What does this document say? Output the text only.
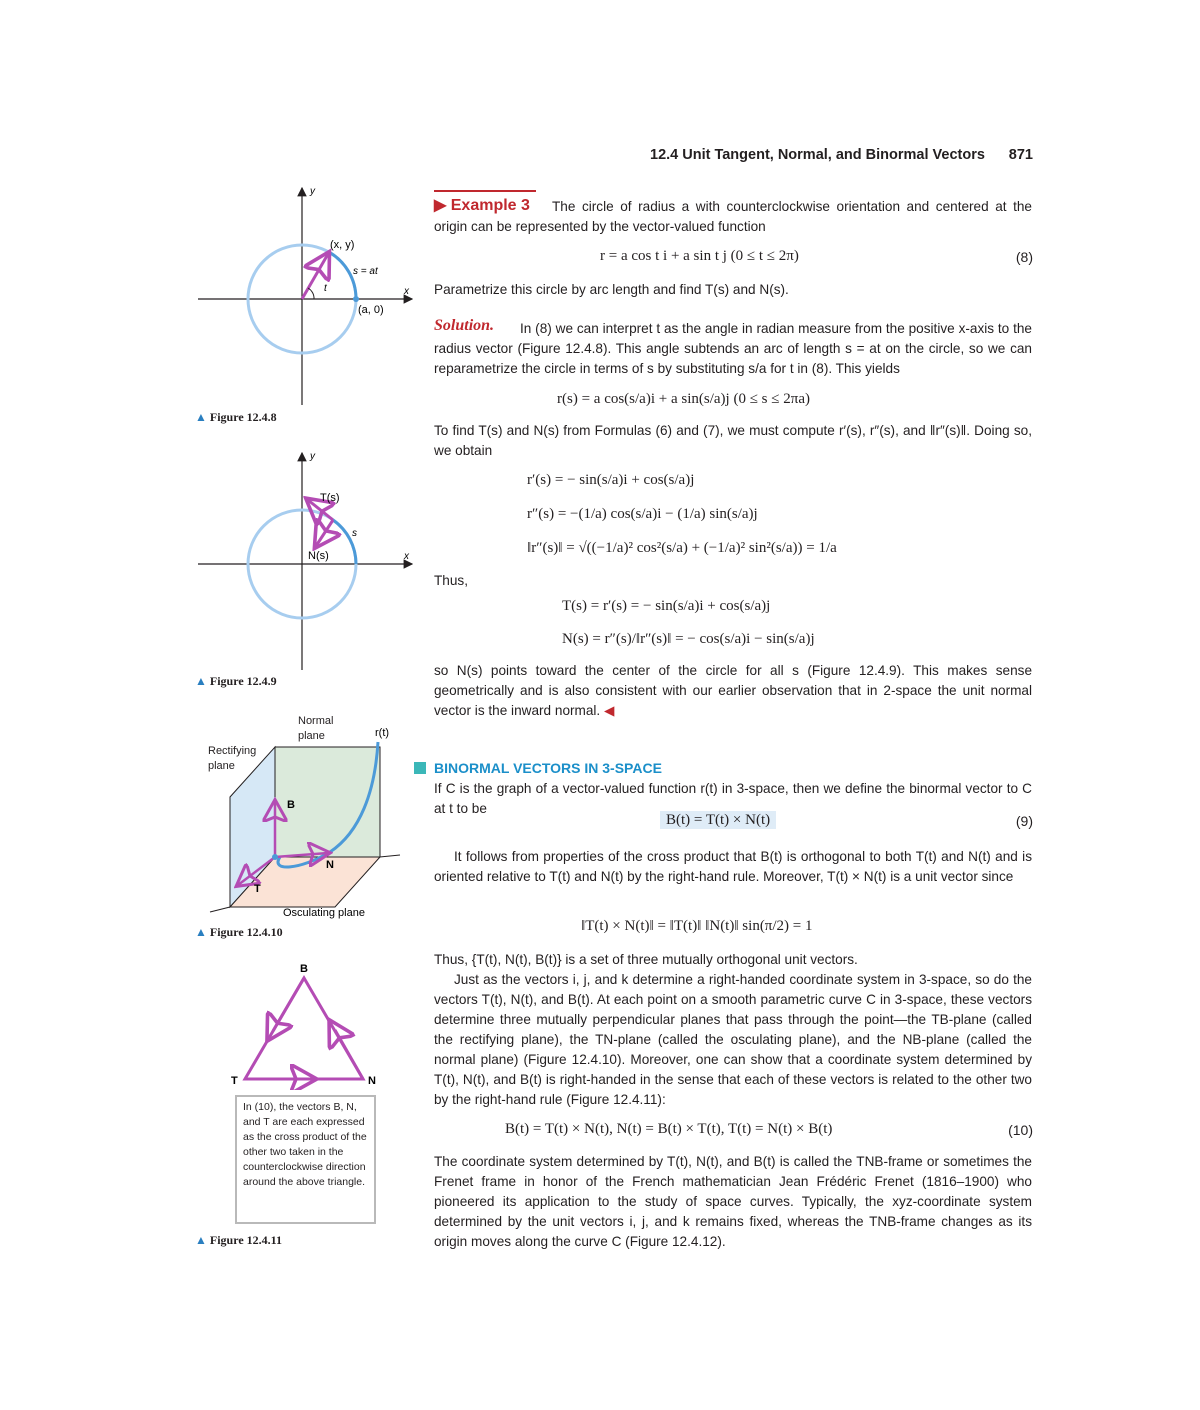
12.4 Unit Tangent, Normal, and Binormal Vectors 871
y
x
(x, y)
s = at
t
(a, 0)
▲ Figure 12.4.8
y
x
T(s)
N(s)
s
▲ Figure 12.4.9
B
N
T
r(t)
Osculating plane
Normal plane
Rectifying plane
▲ Figure 12.4.10
B
T	N
In (10), the vectors B, N, and T are each expressed as the cross product of the other two taken in the counterclockwise direction around the above triangle.
▲ Figure 12.4.11
▶ Example 3	The circle of radius a with counterclockwise orientation and centered at the origin can be represented by the vector-valued function
r = a cos t i + a sin t j (0 ≤ t ≤ 2π)	(8)
Parametrize this circle by arc length and find T(s) and N(s).
Solution.	In (8) we can interpret t as the angle in radian measure from the positive x-axis to the radius vector (Figure 12.4.8). This angle subtends an arc of length s = at on the circle, so we can reparametrize the circle in terms of s by substituting s/a for t in (8). This yields
r(s) = a cos(s/a)i + a sin(s/a)j (0 ≤ s ≤ 2πa)
To find T(s) and N(s) from Formulas (6) and (7), we must compute r′(s), r″(s), and ‖r″(s)‖. Doing so, we obtain
r′(s) = − sin(s/a)i + cos(s/a)j
r″(s) = −(1/a) cos(s/a)i − (1/a) sin(s/a)j
‖r″(s)‖ = √((−1/a)² cos²(s/a) + (−1/a)² sin²(s/a)) = 1/a
Thus,
T(s) = r′(s) = − sin(s/a)i + cos(s/a)j
N(s) = r″(s)/‖r″(s)‖ = − cos(s/a)i − sin(s/a)j
so N(s) points toward the center of the circle for all s (Figure 12.4.9). This makes sense geometrically and is also consistent with our earlier observation that in 2-space the unit normal vector is the inward normal. ◀
BINORMAL VECTORS IN 3-SPACE
If C is the graph of a vector-valued function r(t) in 3-space, then we define the binormal vector to C at t to be
B(t) = T(t) × N(t)	(9)
It follows from properties of the cross product that B(t) is orthogonal to both T(t) and N(t) and is oriented relative to T(t) and N(t) by the right-hand rule. Moreover, T(t) × N(t) is a unit vector since
‖T(t) × N(t)‖ = ‖T(t)‖ ‖N(t)‖ sin(π/2) = 1
Thus, {T(t), N(t), B(t)} is a set of three mutually orthogonal unit vectors.
Just as the vectors i, j, and k determine a right-handed coordinate system in 3-space, so do the vectors T(t), N(t), and B(t). At each point on a smooth parametric curve C in 3-space, these vectors determine three mutually perpendicular planes that pass through the point—the TB-plane (called the rectifying plane), the TN-plane (called the osculating plane), and the NB-plane (called the normal plane) (Figure 12.4.10). Moreover, one can show that a coordinate system determined by T(t), N(t), and B(t) is right-handed in the sense that each of these vectors is related to the other two by the right-hand rule (Figure 12.4.11):
B(t) = T(t) × N(t), N(t) = B(t) × T(t), T(t) = N(t) × B(t)	(10)
The coordinate system determined by T(t), N(t), and B(t) is called the TNB-frame or sometimes the Frenet frame in honor of the French mathematician Jean Frédéric Frenet (1816–1900) who pioneered its application to the study of space curves. Typically, the xyz-coordinate system determined by the unit vectors i, j, and k remains fixed, whereas the TNB-frame changes as its origin moves along the curve C (Figure 12.4.12).
